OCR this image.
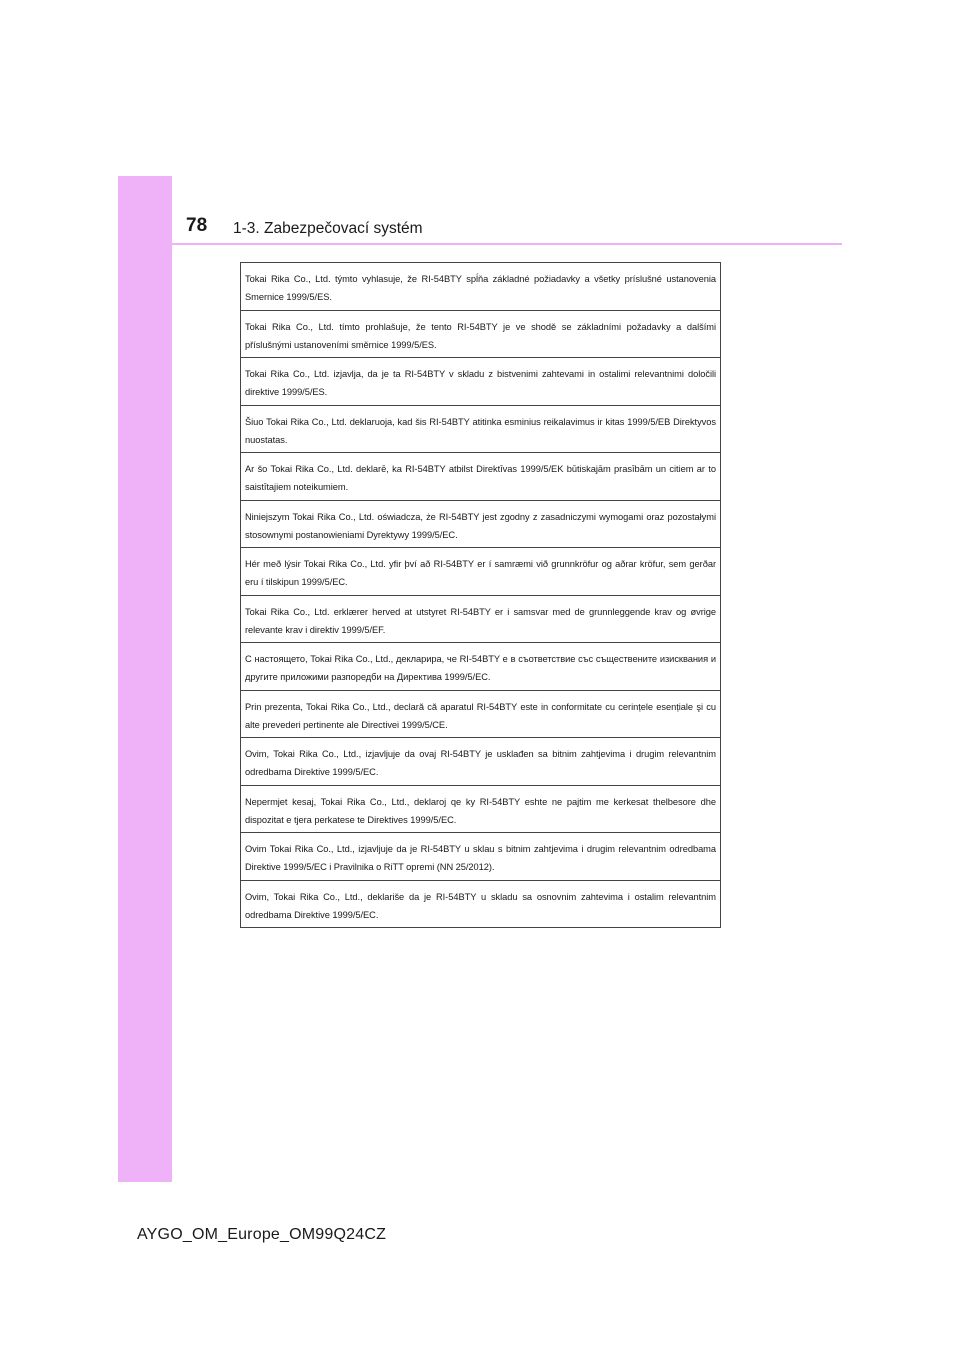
78 1-3. Zabezpečovací systém
Tokai Rika Co., Ltd. týmto vyhlasuje, že RI-54BTY spĺňa základné požiadavky a všetky príslušné ustanovenia Smernice 1999/5/ES.
Tokai Rika Co., Ltd. tímto prohlašuje, že tento RI-54BTY je ve shodě se základními požadavky a dalšími příslušnými ustanoveními směrnice 1999/5/ES.
Tokai Rika Co., Ltd. izjavlja, da je ta RI-54BTY v skladu z bistvenimi zahtevami in ostalimi relevantnimi določili direktive 1999/5/ES.
Šiuo Tokai Rika Co., Ltd. deklaruoja, kad šis RI-54BTY atitinka esminius reikalavimus ir kitas 1999/5/EB Direktyvos nuostatas.
Ar šo Tokai Rika Co., Ltd. deklarē, ka RI-54BTY atbilst Direktīvas 1999/5/EK būtiskajām prasībām un citiem ar to saistītajiem noteikumiem.
Niniejszym Tokai Rika Co., Ltd. oświadcza, że RI-54BTY jest zgodny z zasadniczymi wymogami oraz pozostałymi stosownymi postanowieniami Dyrektywy 1999/5/EC.
Hér með lýsir Tokai Rika Co., Ltd. yfir því að RI-54BTY er í samræmi við grunnkröfur og aðrar kröfur, sem gerðar eru í tilskipun 1999/5/EC.
Tokai Rika Co., Ltd. erklærer herved at utstyret RI-54BTY er i samsvar med de grunnleggende krav og øvrige relevante krav i direktiv 1999/5/EF.
С настоящето, Tokai Rika Co., Ltd., декларира, че RI-54BTY е в съответствие със съществените изисквания и другите приложими разпоредби на Директива 1999/5/ЕС.
Prin prezenta, Tokai Rika Co., Ltd., declară că aparatul RI-54BTY este in conformitate cu cerințele esențiale şi cu alte prevederi pertinente ale Directivei 1999/5/CE.
Ovim, Tokai Rika Co., Ltd., izjavljuje da ovaj RI-54BTY je usklađen sa bitnim zahtjevima i drugim relevantnim odredbama Direktive 1999/5/EC.
Nepermjet kesaj, Tokai Rika Co., Ltd., deklaroj qe ky RI-54BTY eshte ne pajtim me kerkesat thelbesore dhe dispozitat e tjera perkatese te Direktives 1999/5/EC.
Ovim Tokai Rika Co., Ltd., izjavljuje da je RI-54BTY u sklau s bitnim zahtjevima i drugim relevantnim odredbama Direktive 1999/5/EC i Pravilnika o RiTT opremi (NN 25/2012).
Ovim, Tokai Rika Co., Ltd., deklariše da je RI-54BTY u skladu sa osnovnim zahtevima i ostalim relevantnim odredbama Direktive 1999/5/EC.
AYGO_OM_Europe_OM99Q24CZ
